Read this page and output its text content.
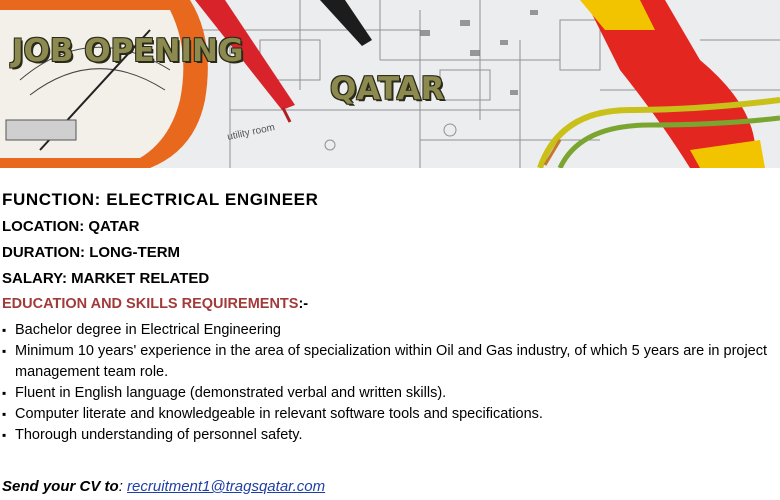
utility room

JOB OPENING

QATAR

FUNCTION: ELECTRICAL ENGINEER
LOCATION: QATAR
DURATION: LONG-TERM
SALARY: MARKET RELATED
EDUCATION AND SKILLS REQUIREMENTS:-
▪ Bachelor degree in Electrical Engineering
▪ Minimum 10 years' experience in the area of specialization within Oil and Gas industry, of which 5 years are in project management team role.
▪ Fluent in English language (demonstrated verbal and written skills).
▪ Computer literate and knowledgeable in relevant software tools and specifications.
▪ Thorough understanding of personnel safety.
Send your CV to: recruitment1@tragsqatar.com
